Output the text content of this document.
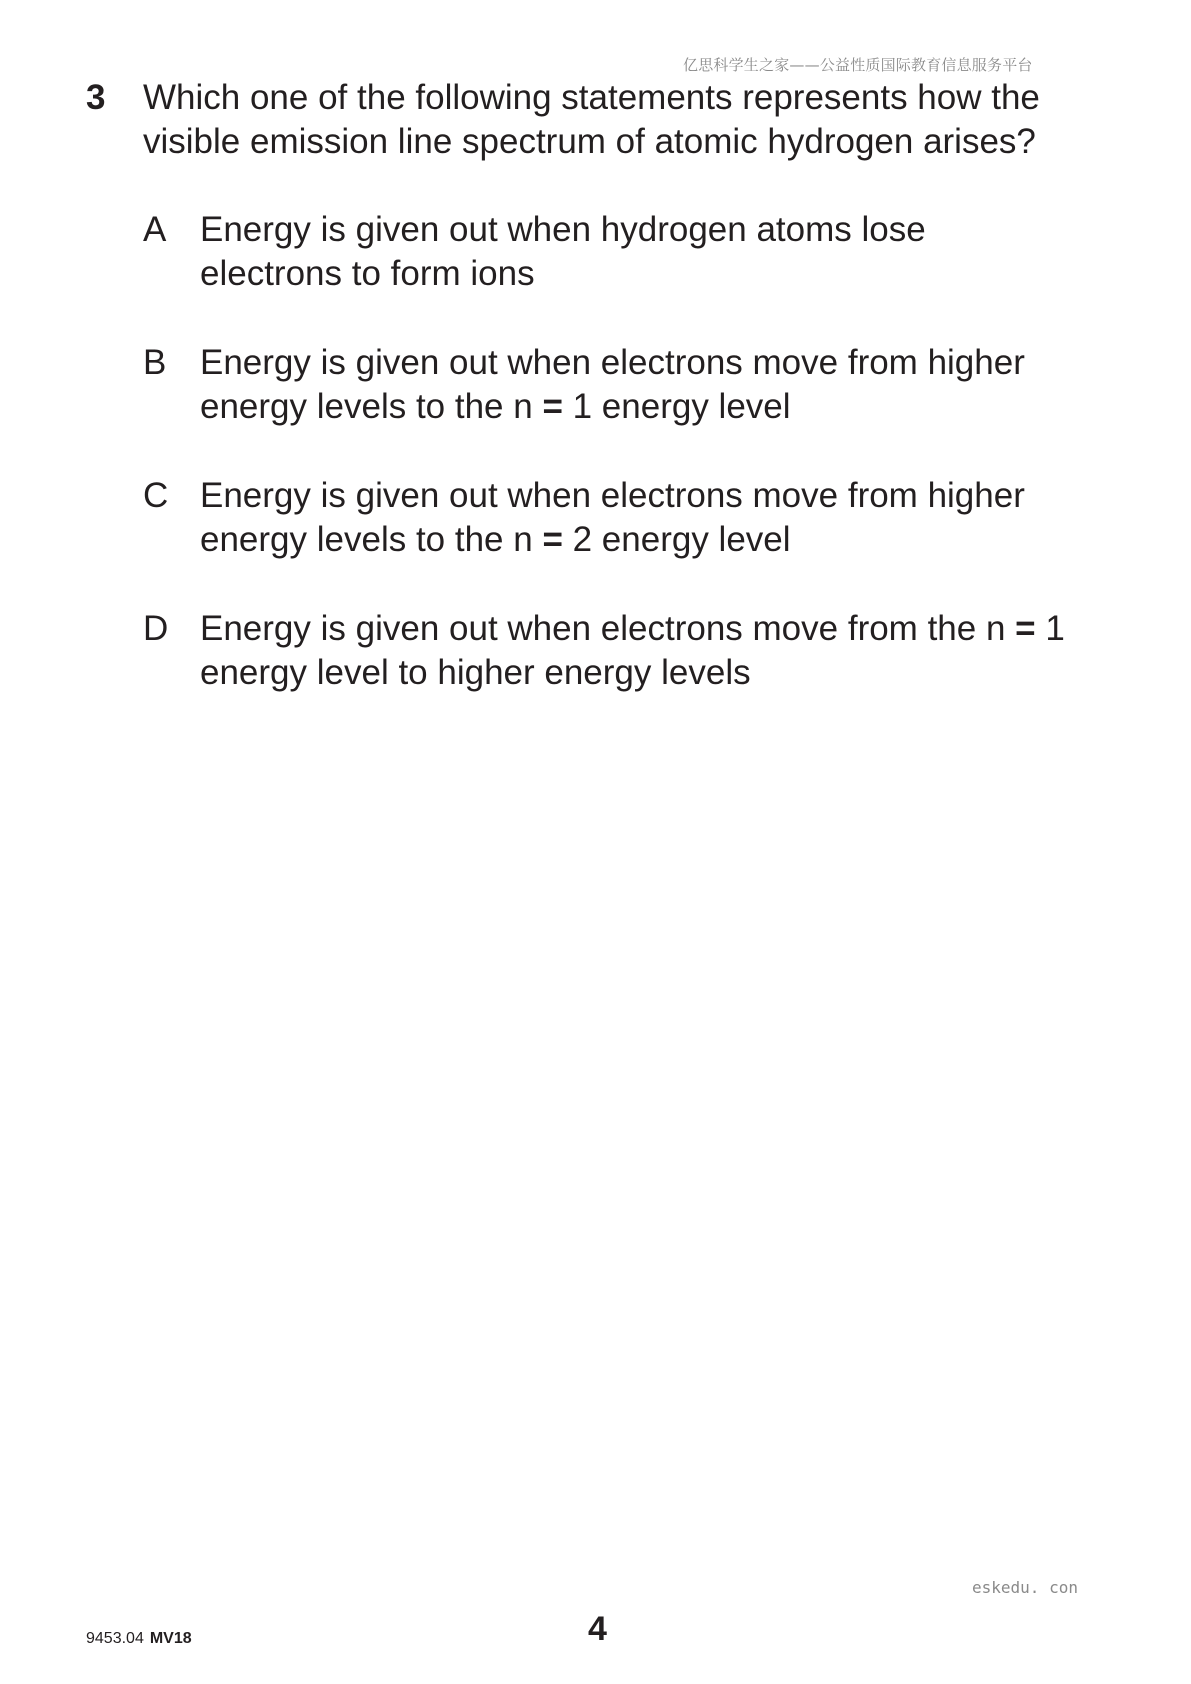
亿思科学生之家——公益性质国际教育信息服务平台
3	Which one of the following statements represents how the
visible emission line spectrum of atomic hydrogen arises?
A Energy is given out when hydrogen atoms lose
electrons to form ions
B Energy is given out when electrons move from higher
energy levels to the n = 1 energy level
C Energy is given out when electrons move from higher
energy levels to the n = 2 energy level
D Energy is given out when electrons move from the n = 1
energy level to higher energy levels
eskedu. con
9453.04 MV18	4
